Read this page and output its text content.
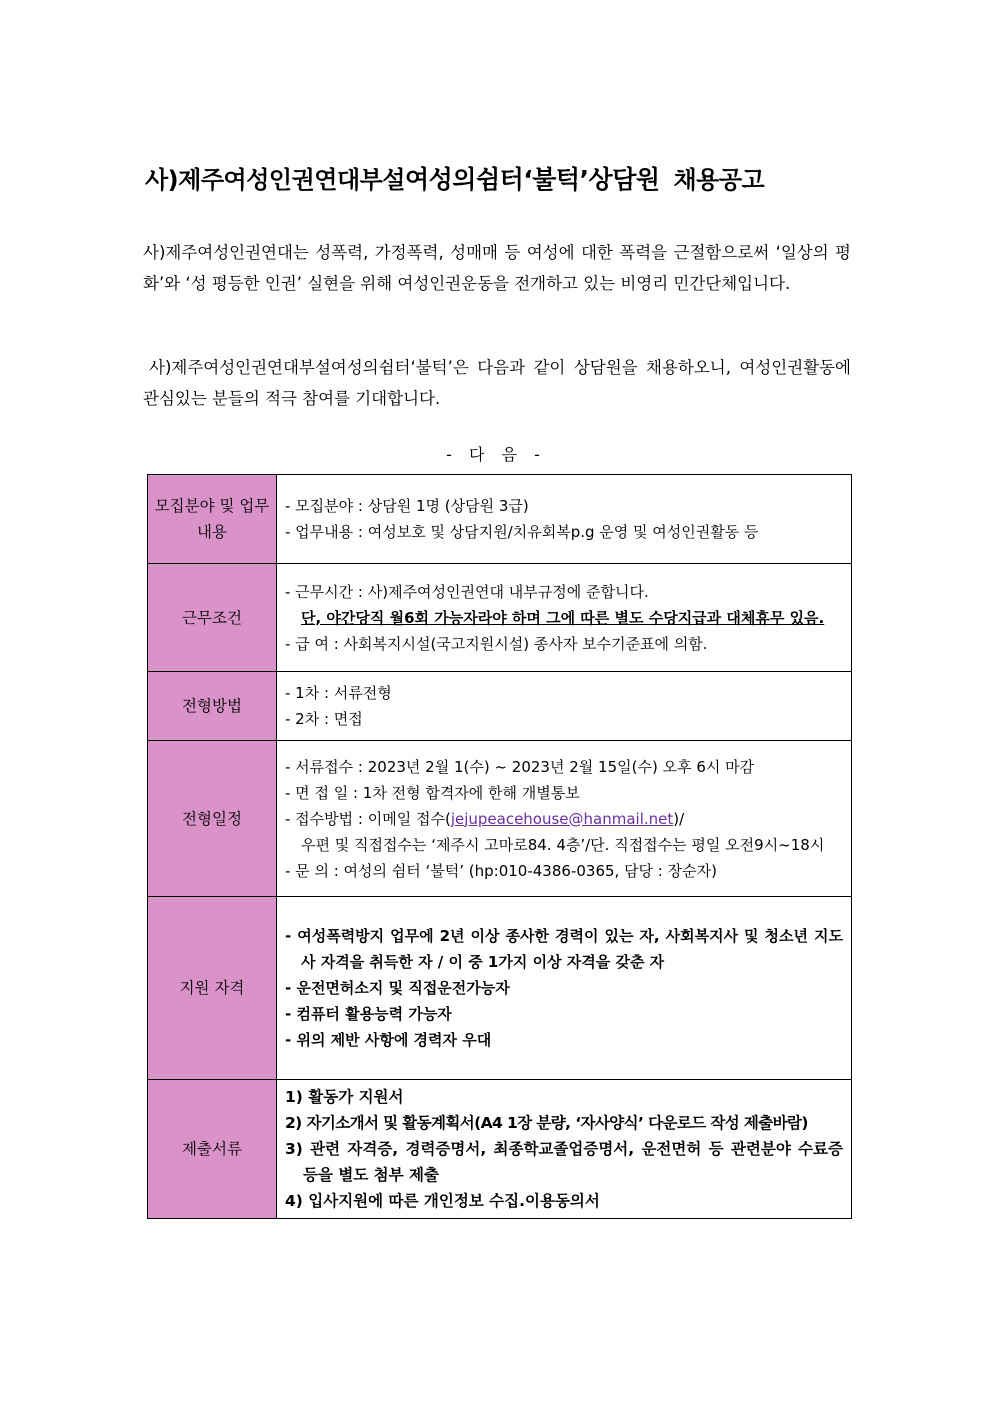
사)제주여성인권연대부설여성의쉼터‘불턱’상담원 채용공고
사)제주여성인권연대는 성폭력, 가정폭력, 성매매 등 여성에 대한 폭력을 근절함으로써 ‘일상의 평화’와 ‘성 평등한 인권’ 실현을 위해 여성인권운동을 전개하고 있는 비영리 민간단체입니다.
사)제주여성인권연대부설여성의쉼터‘불턱’은 다음과 같이 상담원을 채용하오니, 여성인권활동에 관심있는 분들의 적극 참여를 기대합니다.
- 다 음 -
모집분야 및 업무내용	- 모집분야 : 상담원 1명 (상담원 3급)
- 업무내용 : 여성보호 및 상담지원/치유회복p.g 운영 및 여성인권활동 등

근무조건	- 근무시간 : 사)제주여성인권연대 내부규정에 준합니다.
단, 야간당직 월6회 가능자라야 하며 그에 따른 별도 수당지급과 대체휴무 있음.
- 급 여 : 사회복지시설(국고지원시설) 종사자 보수기준표에 의함.

전형방법	- 1차 : 서류전형
- 2차 : 면접

전형일정	- 서류접수 : 2023년 2월 1(수) ~ 2023년 2월 15일(수) 오후 6시 마감
- 면 접 일 : 1차 전형 합격자에 한해 개별통보
- 접수방법 : 이메일 접수(jejupeacehouse@hanmail.net)/
우편 및 직접접수는 ‘제주시 고마로84. 4층’/단. 직접접수는 평일 오전9시~18시
- 문 의 : 여성의 쉼터 ‘불턱’ (hp:010-4386-0365, 담당 : 장순자)

지원 자격	- 여성폭력방지 업무에 2년 이상 종사한 경력이 있는 자, 사회복지사 및 청소년 지도사 자격을 취득한 자 / 이 중 1가지 이상 자격을 갖춘 자
- 운전면허소지 및 직접운전가능자
- 컴퓨터 활용능력 가능자
- 위의 제반 사항에 경력자 우대

제출서류	1) 활동가 지원서
2) 자기소개서 및 활동계획서(A4 1장 분량, ‘자사양식’ 다운로드 작성 제출바람)
3) 관련 자격증, 경력증명서, 최종학교졸업증명서, 운전면허 등 관련분야 수료증 등을 별도 첨부 제출
4) 입사지원에 따른 개인정보 수집.이용동의서
